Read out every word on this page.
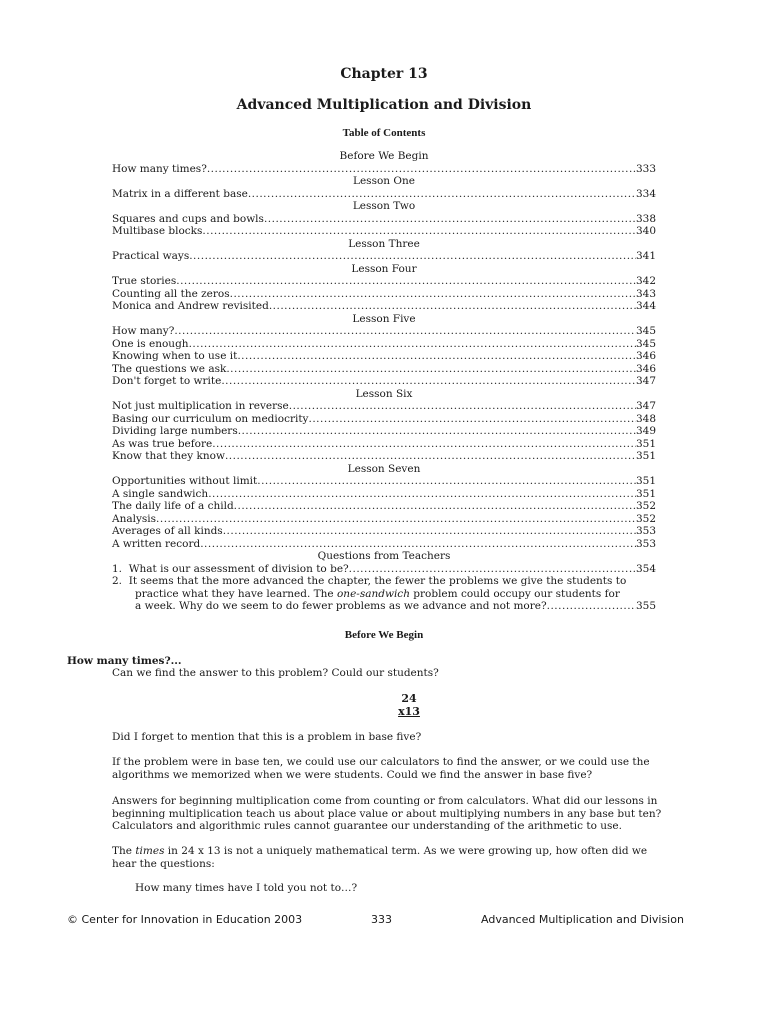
Chapter 13
Advanced Multiplication and Division
Table of Contents
Before We Begin
How many times? .....	333
Lesson One
Matrix in a different base .....	334
Lesson Two
Squares and cups and bowls .....	338
Multibase blocks .....	340
Lesson Three
Practical ways .....	341
Lesson Four
True stories .....	342
Counting all the zeros .....	343
Monica and Andrew revisited .....	344
Lesson Five
How many? .....	345
One is enough .....	345
Knowing when to use it .....	346
The questions we ask .....	346
Don't forget to write .....	347
Lesson Six
Not just multiplication in reverse .....	347
Basing our curriculum on mediocrity .....	348
Dividing large numbers .....	349
As was true before .....	351
Know that they know .....	351
Lesson Seven
Opportunities without limit .....	351
A single sandwich .....	351
The daily life of a child .....	352
Analysis .....	352
Averages of all kinds .....	353
A written record .....	353
Questions from Teachers
1. What is our assessment of division to be? .....	354
2. It seems that the more advanced the chapter, the fewer the problems we give the students to
practice what they have learned. The one-sandwich problem could occupy our students for
a week. Why do we seem to do fewer problems as we advance and not more? .....	355
Before We Begin
How many times?...
Can we find the answer to this problem? Could our students?
24
x13
Did I forget to mention that this is a problem in base five?
If the problem were in base ten, we could use our calculators to find the answer, or we could use the
algorithms we memorized when we were students. Could we find the answer in base five?
Answers for beginning multiplication come from counting or from calculators. What did our lessons in
beginning multiplication teach us about place value or about multiplying numbers in any base but ten?
Calculators and algorithmic rules cannot guarantee our understanding of the arithmetic to use.
The times in 24 x 13 is not a uniquely mathematical term. As we were growing up, how often did we
hear the questions:
How many times have I told you not to…?
© Center for Innovation in Education 2003	333	Advanced Multiplication and Division
